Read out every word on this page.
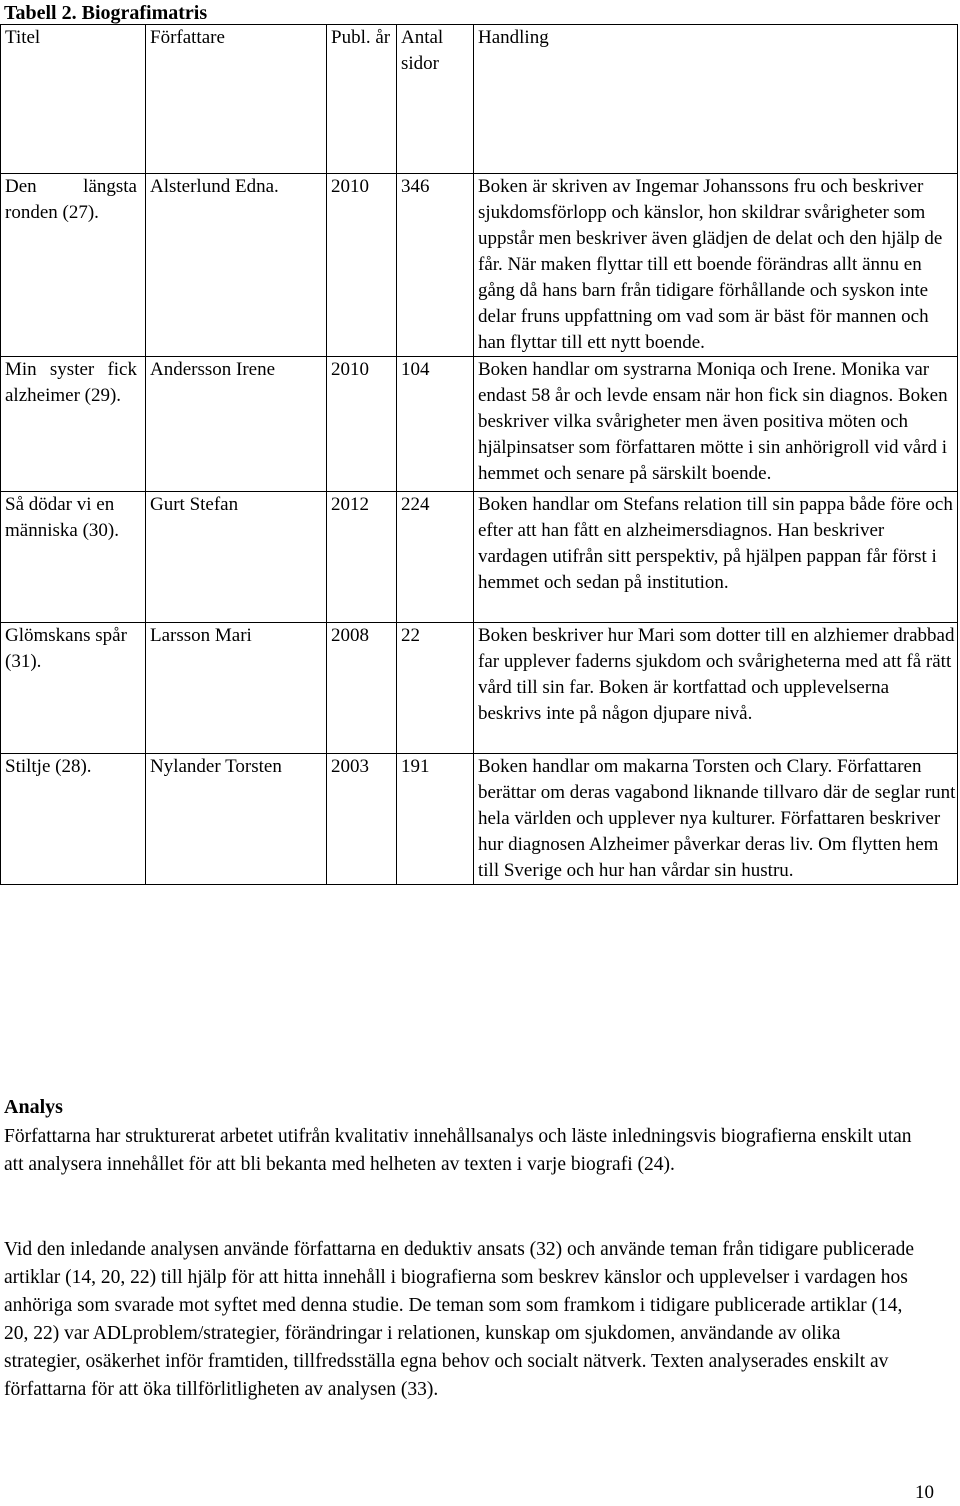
Tabell 2. Biografimatris
Titel	Författare	Publ. år	Antal sidor	Handling
Den längsta ronden (27).	Alsterlund Edna.	2010	346	Boken är skriven av Ingemar Johanssons fru och beskriver sjukdomsförlopp och känslor, hon skildrar svårigheter som uppstår men beskriver även glädjen de delat och den hjälp de får. När maken flyttar till ett boende förändras allt ännu en gång då hans barn från tidigare förhållande och syskon inte delar fruns uppfattning om vad som är bäst för mannen och han flyttar till ett nytt boende.
Min syster fick alzheimer (29).	Andersson Irene	2010	104	Boken handlar om systrarna Moniqa och Irene. Monika var endast 58 år och levde ensam när hon fick sin diagnos. Boken beskriver vilka svårigheter men även positiva möten och hjälpinsatser som författaren mötte i sin anhörigroll vid vård i hemmet och senare på särskilt boende.
Så dödar vi en människa (30).	Gurt Stefan	2012	224	Boken handlar om Stefans relation till sin pappa både före och efter att han fått en alzheimersdiagnos. Han beskriver vardagen utifrån sitt perspektiv, på hjälpen pappan får först i hemmet och sedan på institution.
Glömskans spår (31).	Larsson Mari	2008	22	Boken beskriver hur Mari som dotter till en alzhiemer drabbad far upplever faderns sjukdom och svårigheterna med att få rätt vård till sin far. Boken är kortfattad och upplevelserna beskrivs inte på någon djupare nivå.
Stiltje (28).	Nylander Torsten	2003	191	Boken handlar om makarna Torsten och Clary. Författaren berättar om deras vagabond liknande tillvaro där de seglar runt hela världen och upplever nya kulturer. Författaren beskriver hur diagnosen Alzheimer påverkar deras liv. Om flytten hem till Sverige och hur han vårdar sin hustru.
Analys
Författarna har strukturerat arbetet utifrån kvalitativ innehållsanalys och läste inledningsvis biografierna enskilt utan att analysera innehållet för att bli bekanta med helheten av texten i varje biografi (24).
Vid den inledande analysen använde författarna en deduktiv ansats (32) och använde teman från tidigare publicerade artiklar (14, 20, 22) till hjälp för att hitta innehåll i biografierna som beskrev känslor och upplevelser i vardagen hos anhöriga som svarade mot syftet med denna studie. De teman som som framkom i tidigare publicerade artiklar (14, 20, 22) var ADLproblem/strategier, förändringar i relationen, kunskap om sjukdomen, användande av olika strategier, osäkerhet inför framtiden, tillfredsställa egna behov och socialt nätverk. Texten analyserades enskilt av författarna för att öka tillförlitligheten av analysen (33).
10
